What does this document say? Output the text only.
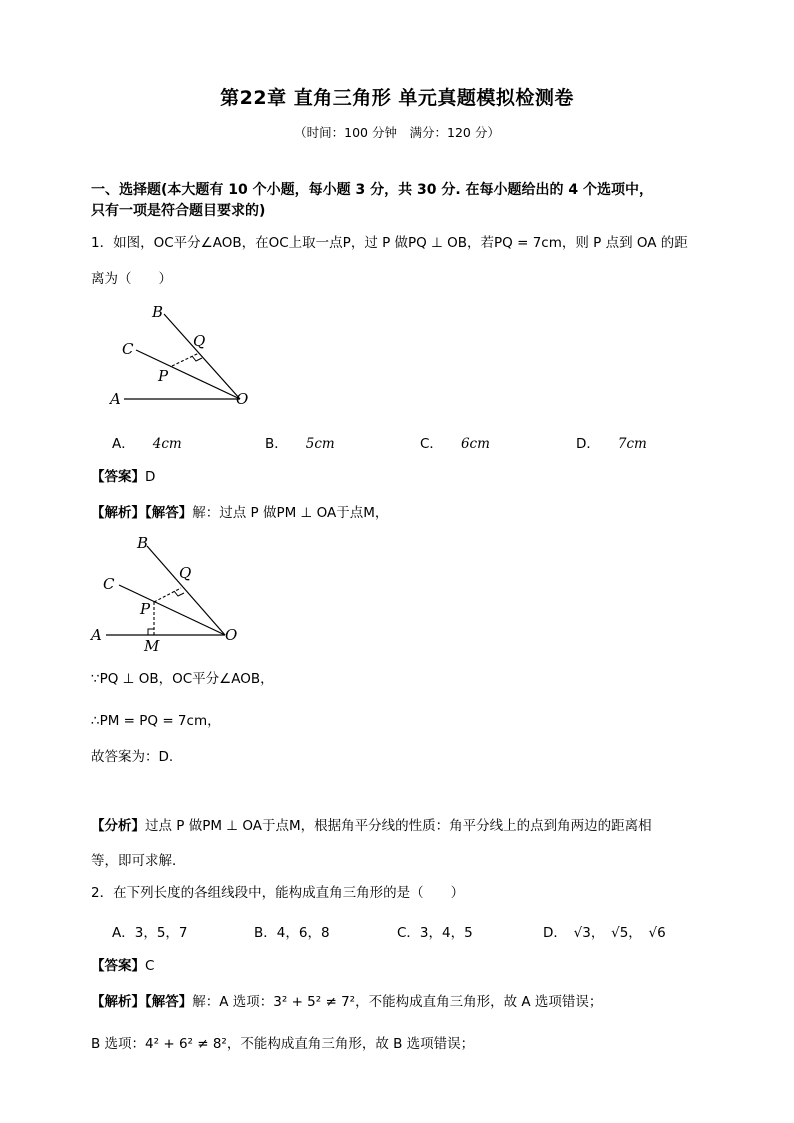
第22章 直角三角形 单元真题模拟检测卷
（时间：100 分钟　满分：120 分）
一、选择题(本大题有 10 个小题，每小题 3 分，共 30 分. 在每小题给出的 4 个选项中，
只有一项是符合题目要求的)
1．如图，OC平分∠AOB，在OC上取一点P，过 P 做PQ ⊥ OB，若PQ = 7cm，则 P 点到 OA 的距
离为（　　）
B
C	Q
P
A	O
A． 4cm	B． 5cm	C． 6cm	D． 7cm
【答案】D
【解析】【解答】解：过点 P 做PM ⊥ OA于点M，
B
C
Q
P
A
M
O
∵PQ ⊥ OB，OC平分∠AOB，
∴PM = PQ = 7cm，
故答案为：D.
【分析】过点 P 做PM ⊥ OA于点M，根据角平分线的性质：角平分线上的点到角两边的距离相
等，即可求解．
2．在下列长度的各组线段中，能构成直角三角形的是（　　）
A．3，5，7	B．4，6，8	C．3，4，5	D．　√3，　√5，　√6
【答案】C
【解析】【解答】解：A 选项：3² + 5² ≠ 7²，不能构成直角三角形，故 A 选项错误；
B 选项：4² + 6² ≠ 8²，不能构成直角三角形，故 B 选项错误；
